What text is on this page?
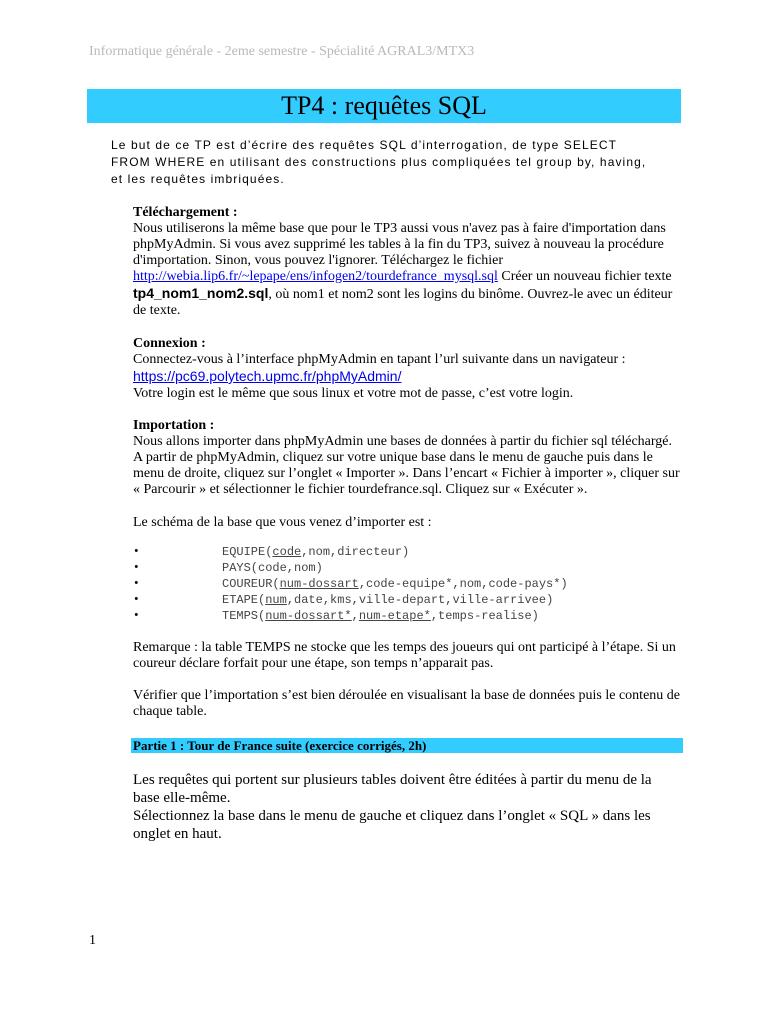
Informatique générale - 2eme semestre - Spécialité AGRAL3/MTX3
TP4 : requêtes SQL
Le but de ce TP est d’écrire des requêtes SQL d’interrogation, de type SELECT FROM WHERE en utilisant des constructions plus compliquées tel group by, having, et les requêtes imbriquées.
Téléchargement :
Nous utiliserons la même base que pour le TP3 aussi vous n'avez pas à faire d'importation dans phpMyAdmin. Si vous avez supprimé les tables à la fin du TP3, suivez à nouveau la procédure d'importation. Sinon, vous pouvez l'ignorer. Téléchargez le fichier
http://webia.lip6.fr/~lepape/ens/infogen2/tourdefrance_mysql.sql Créer un nouveau fichier texte tp4_nom1_nom2.sql, où nom1 et nom2 sont les logins du binôme. Ouvrez-le avec un éditeur de texte.
Connexion :
Connectez-vous à l’interface phpMyAdmin en tapant l’url suivante dans un navigateur :
https://pc69.polytech.upmc.fr/phpMyAdmin/
Votre login est le même que sous linux et votre mot de passe, c’est votre login.
Importation :
Nous allons importer dans phpMyAdmin une bases de données à partir du fichier sql téléchargé. A partir de phpMyAdmin, cliquez sur votre unique base dans le menu de gauche puis dans le menu de droite, cliquez sur l’onglet « Importer ». Dans l’encart « Fichier à importer », cliquer sur « Parcourir » et sélectionner le fichier tourdefrance.sql. Cliquez sur « Exécuter ».
Le schéma de la base que vous venez d’importer est :
•	EQUIPE(code,nom,directeur)
•	PAYS(code,nom)
•	COUREUR(num-dossart,code-equipe*,nom,code-pays*)
•	ETAPE(num,date,kms,ville-depart,ville-arrivee)
•	TEMPS(num-dossart*,num-etape*,temps-realise)
Remarque : la table TEMPS ne stocke que les temps des joueurs qui ont participé à l’étape. Si un coureur déclare forfait pour une étape, son temps n’apparait pas.
Vérifier que l’importation s’est bien déroulée en visualisant la base de données puis le contenu de chaque table.
Partie 1 : Tour de France suite (exercice corrigés, 2h)
Les requêtes qui portent sur plusieurs tables doivent être éditées à partir du menu de la base elle-même.
Sélectionnez la base dans le menu de gauche et cliquez dans l’onglet « SQL » dans les onglet en haut.
1
